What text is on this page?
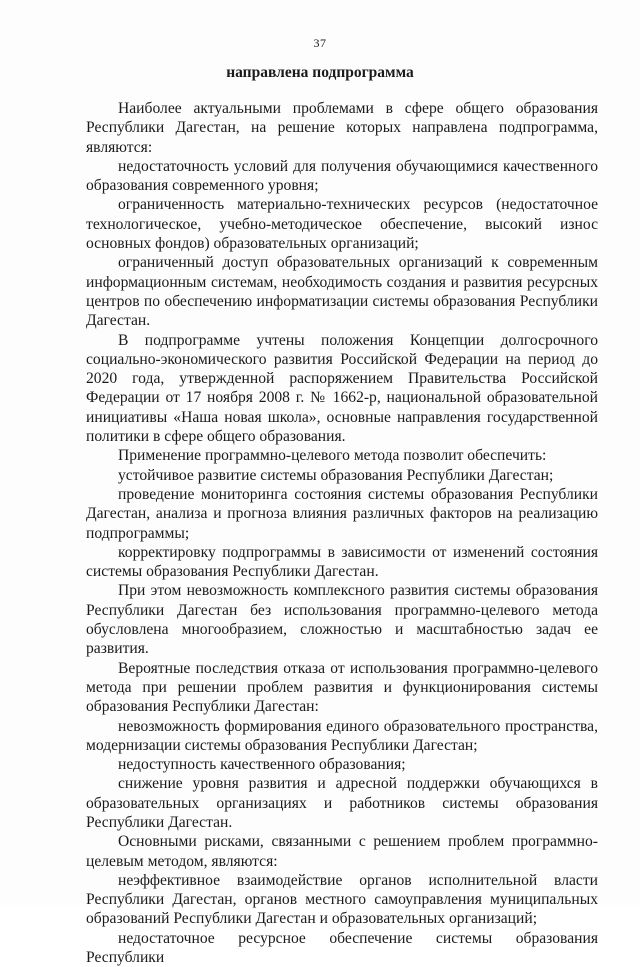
37
направлена подпрограмма

Наиболее актуальными проблемами в сфере общего образования Республики Дагестан, на решение которых направлена подпрограмма, являются:

недостаточность условий для получения обучающимися качественного образования современного уровня;

ограниченность материально-технических ресурсов (недостаточное технологическое, учебно-методическое обеспечение, высокий износ основных фондов) образовательных организаций;

ограниченный доступ образовательных организаций к современным информационным системам, необходимость создания и развития ресурсных центров по обеспечению информатизации системы образования Республики Дагестан.

В подпрограмме учтены положения Концепции долгосрочного социально-экономического развития Российской Федерации на период до 2020 года, утвержденной распоряжением Правительства Российской Федерации от 17 ноября 2008 г. № 1662-р, национальной образовательной инициативы «Наша новая школа», основные направления государственной политики в сфере общего образования.

Применение программно-целевого метода позволит обеспечить:

устойчивое развитие системы образования Республики Дагестан;

проведение мониторинга состояния системы образования Республики Дагестан, анализа и прогноза влияния различных факторов на реализацию подпрограммы;

корректировку подпрограммы в зависимости от изменений состояния системы образования Республики Дагестан.

При этом невозможность комплексного развития системы образования Республики Дагестан без использования программно-целевого метода обусловлена многообразием, сложностью и масштабностью задач ее развития.

Вероятные последствия отказа от использования программно-целевого метода при решении проблем развития и функционирования системы образования Республики Дагестан:

невозможность формирования единого образовательного пространства, модернизации системы образования Республики Дагестан;

недоступность качественного образования;

снижение уровня развития и адресной поддержки обучающихся в образовательных организациях и работников системы образования Республики Дагестан.

Основными рисками, связанными с решением проблем программно-целевым методом, являются:

неэффективное взаимодействие органов исполнительной власти Республики Дагестан, органов местного самоуправления муниципальных образований Республики Дагестан и образовательных организаций;

недостаточное ресурсное обеспечение системы образования Республики
